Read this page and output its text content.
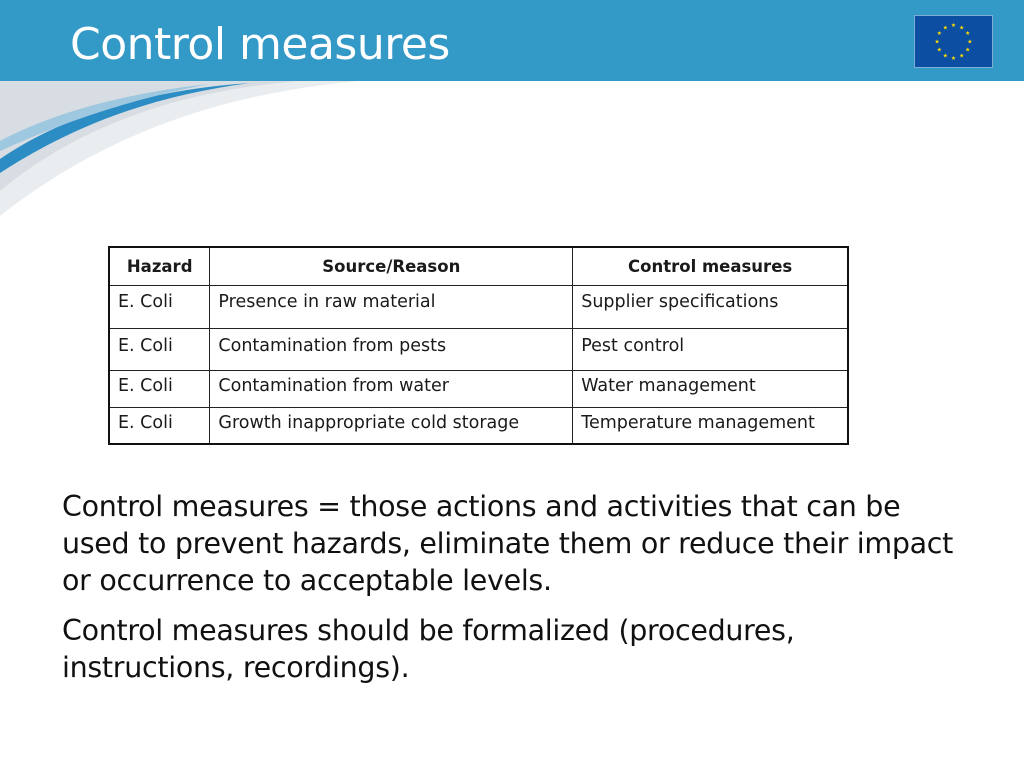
Control measures	★ ★
★
★
★
★
★
★
★
★
★
★
Hazard	Source/Reason	Control measures
E. Coli	Presence in raw material	Supplier specifications
E. Coli	Contamination from pests	Pest control
E. Coli	Contamination from water	Water management
E. Coli	Growth inappropriate cold storage	Temperature management

Control measures = those actions and activities that can be used to prevent hazards, eliminate them or reduce their impact or occurrence to acceptable levels.

Control measures should be formalized (procedures, instructions, recordings).
